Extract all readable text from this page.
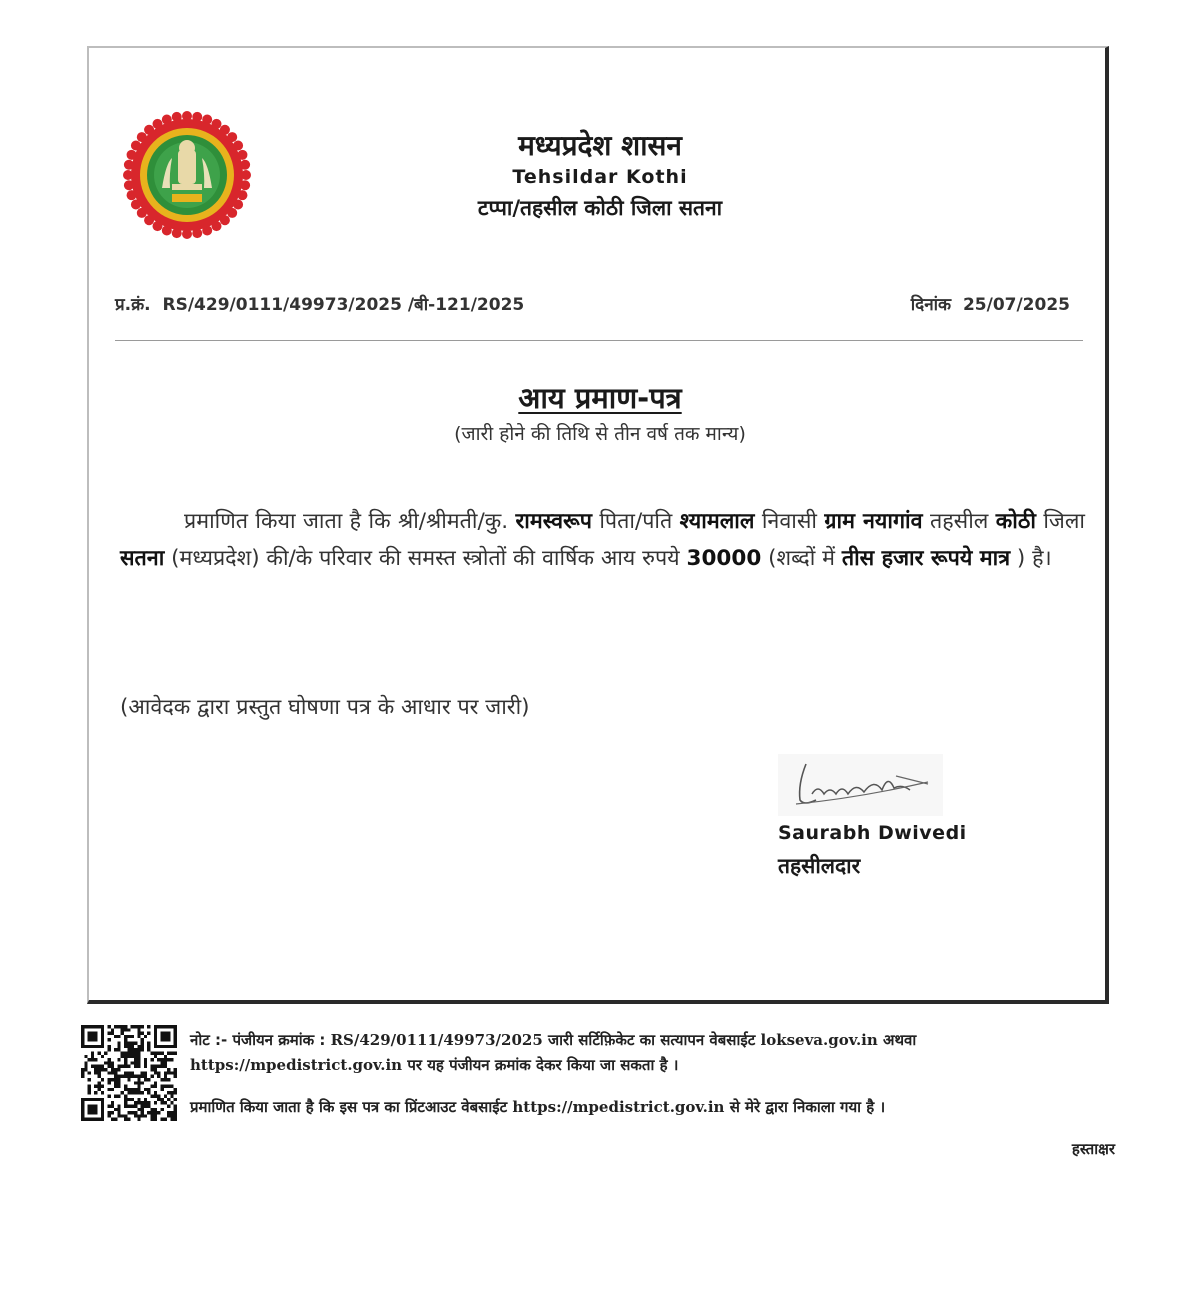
मध्यप्रदेश शासन
Tehsildar Kothi
टप्पा/तहसील कोठी जिला सतना
प्र.क्रं. RS/429/0111/49973/2025 /बी-121/2025	दिनांक 25/07/2025
आय प्रमाण-पत्र
(जारी होने की तिथि से तीन वर्ष तक मान्य)
प्रमाणित किया जाता है कि श्री/श्रीमती/कु. रामस्वरूप पिता/पति श्यामलाल निवासी ग्राम नयागांव तहसील कोठी जिला सतना (मध्यप्रदेश) की/के परिवार की समस्त स्त्रोतों की वार्षिक आय रुपये 30000 (शब्दों में तीस हजार रूपये मात्र ) है।
(आवेदक द्वारा प्रस्तुत घोषणा पत्र के आधार पर जारी)
Saurabh Dwivedi
तहसीलदार
नोट :- पंजीयन क्रमांक : RS/429/0111/49973/2025 जारी सर्टिफ़िकेट का सत्यापन वेबसाईट lokseva.gov.in अथवा
https://mpedistrict.gov.in पर यह पंजीयन क्रमांक देकर किया जा सकता है ।
प्रमाणित किया जाता है कि इस पत्र का प्रिंटआउट वेबसाईट https://mpedistrict.gov.in से मेरे द्वारा निकाला गया है ।
हस्ताक्षर
